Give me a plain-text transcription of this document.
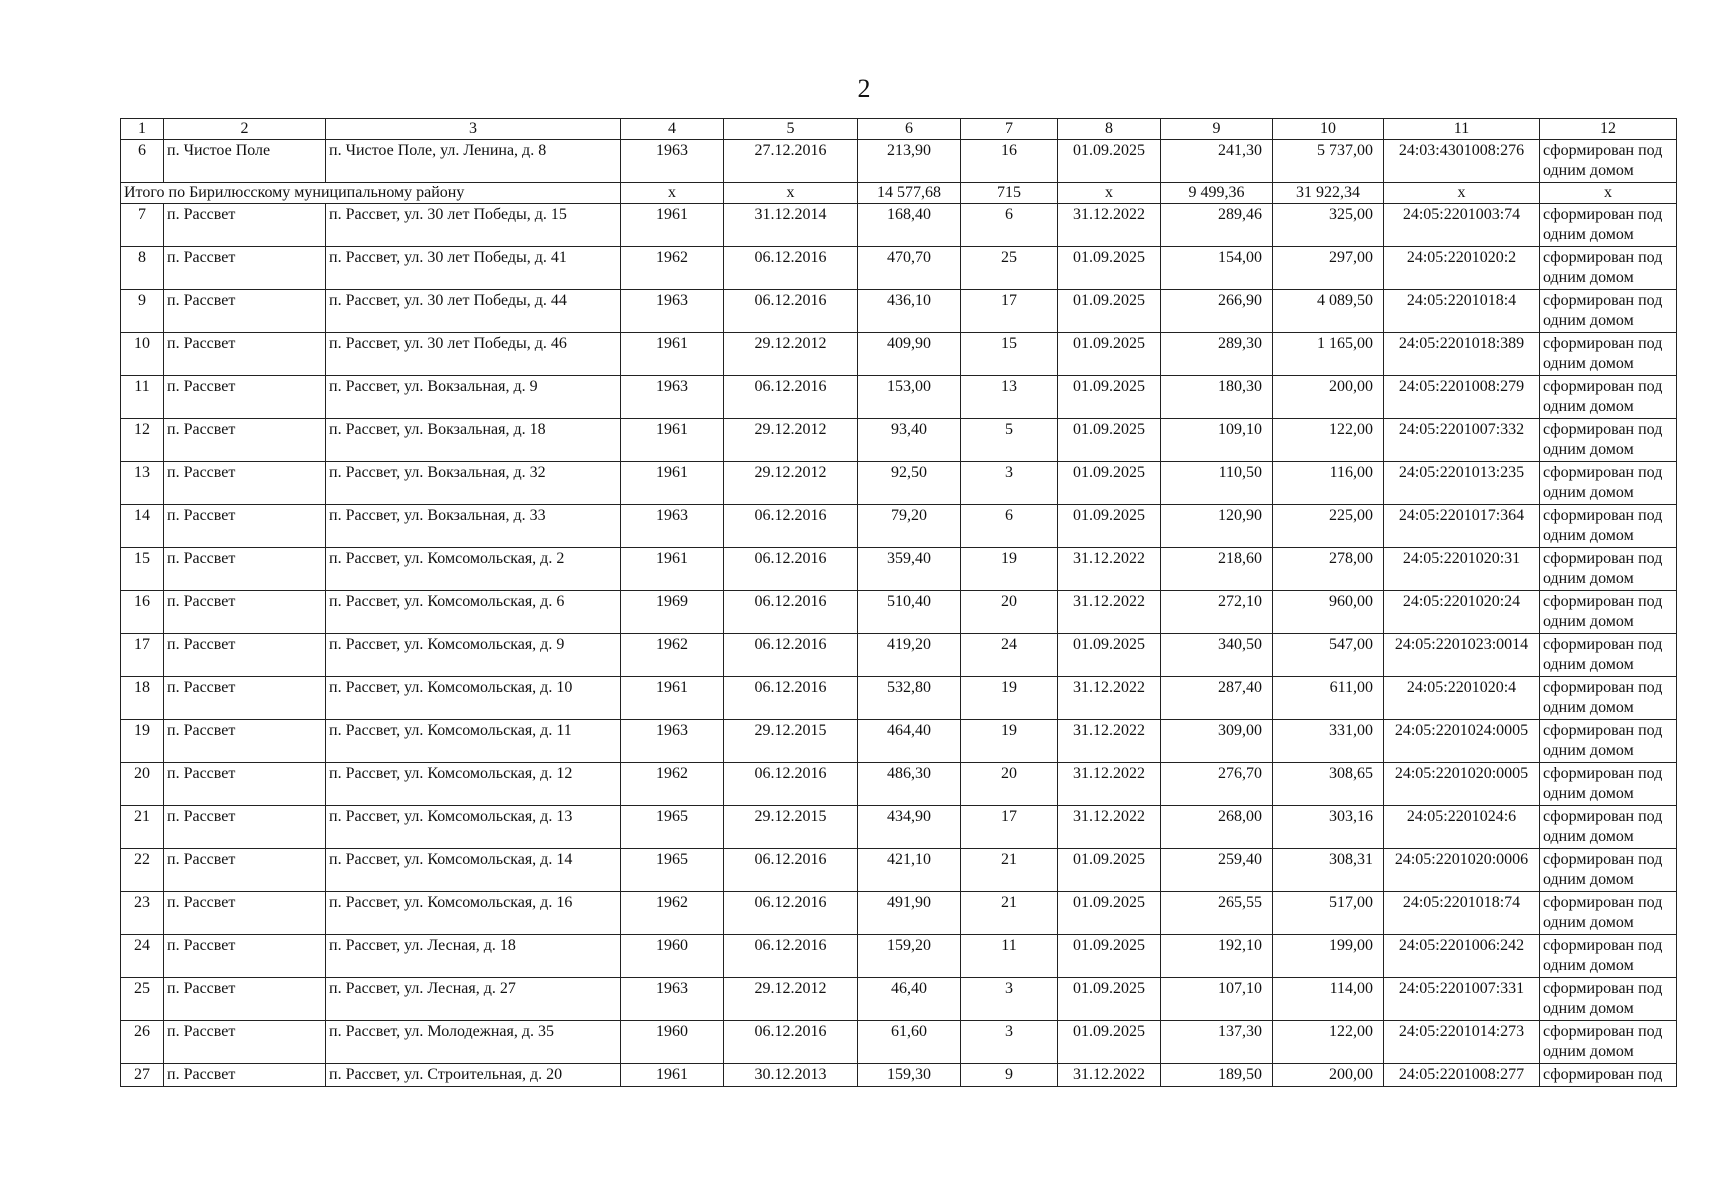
2
1	2	3	4	5	6	7	8	9	10	11	12
6	п. Чистое Поле	п. Чистое Поле, ул. Ленина, д. 8	1963	27.12.2016	213,90	16	01.09.2025	241,30	5 737,00	24:03:4301008:276	сформирован под одним домом
Итого по Бирилюсскому муниципальному району			x	x	14 577,68	715	x	9 499,36	31 922,34	x	x
7	п. Рассвет	п. Рассвет, ул. 30 лет Победы, д. 15	1961	31.12.2014	168,40	6	31.12.2022	289,46	325,00	24:05:2201003:74	сформирован под одним домом
8	п. Рассвет	п. Рассвет, ул. 30 лет Победы, д. 41	1962	06.12.2016	470,70	25	01.09.2025	154,00	297,00	24:05:2201020:2	сформирован под одним домом
9	п. Рассвет	п. Рассвет, ул. 30 лет Победы, д. 44	1963	06.12.2016	436,10	17	01.09.2025	266,90	4 089,50	24:05:2201018:4	сформирован под одним домом
10	п. Рассвет	п. Рассвет, ул. 30 лет Победы, д. 46	1961	29.12.2012	409,90	15	01.09.2025	289,30	1 165,00	24:05:2201018:389	сформирован под одним домом
11	п. Рассвет	п. Рассвет, ул. Вокзальная, д. 9	1963	06.12.2016	153,00	13	01.09.2025	180,30	200,00	24:05:2201008:279	сформирован под одним домом
12	п. Рассвет	п. Рассвет, ул. Вокзальная, д. 18	1961	29.12.2012	93,40	5	01.09.2025	109,10	122,00	24:05:2201007:332	сформирован под одним домом
13	п. Рассвет	п. Рассвет, ул. Вокзальная, д. 32	1961	29.12.2012	92,50	3	01.09.2025	110,50	116,00	24:05:2201013:235	сформирован под одним домом
14	п. Рассвет	п. Рассвет, ул. Вокзальная, д. 33	1963	06.12.2016	79,20	6	01.09.2025	120,90	225,00	24:05:2201017:364	сформирован под одним домом
15	п. Рассвет	п. Рассвет, ул. Комсомольская, д. 2	1961	06.12.2016	359,40	19	31.12.2022	218,60	278,00	24:05:2201020:31	сформирован под одним домом
16	п. Рассвет	п. Рассвет, ул. Комсомольская, д. 6	1969	06.12.2016	510,40	20	31.12.2022	272,10	960,00	24:05:2201020:24	сформирован под одним домом
17	п. Рассвет	п. Рассвет, ул. Комсомольская, д. 9	1962	06.12.2016	419,20	24	01.09.2025	340,50	547,00	24:05:2201023:0014	сформирован под одним домом
18	п. Рассвет	п. Рассвет, ул. Комсомольская, д. 10	1961	06.12.2016	532,80	19	31.12.2022	287,40	611,00	24:05:2201020:4	сформирован под одним домом
19	п. Рассвет	п. Рассвет, ул. Комсомольская, д. 11	1963	29.12.2015	464,40	19	31.12.2022	309,00	331,00	24:05:2201024:0005	сформирован под одним домом
20	п. Рассвет	п. Рассвет, ул. Комсомольская, д. 12	1962	06.12.2016	486,30	20	31.12.2022	276,70	308,65	24:05:2201020:0005	сформирован под одним домом
21	п. Рассвет	п. Рассвет, ул. Комсомольская, д. 13	1965	29.12.2015	434,90	17	31.12.2022	268,00	303,16	24:05:2201024:6	сформирован под одним домом
22	п. Рассвет	п. Рассвет, ул. Комсомольская, д. 14	1965	06.12.2016	421,10	21	01.09.2025	259,40	308,31	24:05:2201020:0006	сформирован под одним домом
23	п. Рассвет	п. Рассвет, ул. Комсомольская, д. 16	1962	06.12.2016	491,90	21	01.09.2025	265,55	517,00	24:05:2201018:74	сформирован под одним домом
24	п. Рассвет	п. Рассвет, ул. Лесная, д. 18	1960	06.12.2016	159,20	11	01.09.2025	192,10	199,00	24:05:2201006:242	сформирован под одним домом
25	п. Рассвет	п. Рассвет, ул. Лесная, д. 27	1963	29.12.2012	46,40	3	01.09.2025	107,10	114,00	24:05:2201007:331	сформирован под одним домом
26	п. Рассвет	п. Рассвет, ул. Молодежная, д. 35	1960	06.12.2016	61,60	3	01.09.2025	137,30	122,00	24:05:2201014:273	сформирован под одним домом
27	п. Рассвет	п. Рассвет, ул. Строительная, д. 20	1961	30.12.2013	159,30	9	31.12.2022	189,50	200,00	24:05:2201008:277	сформирован под
